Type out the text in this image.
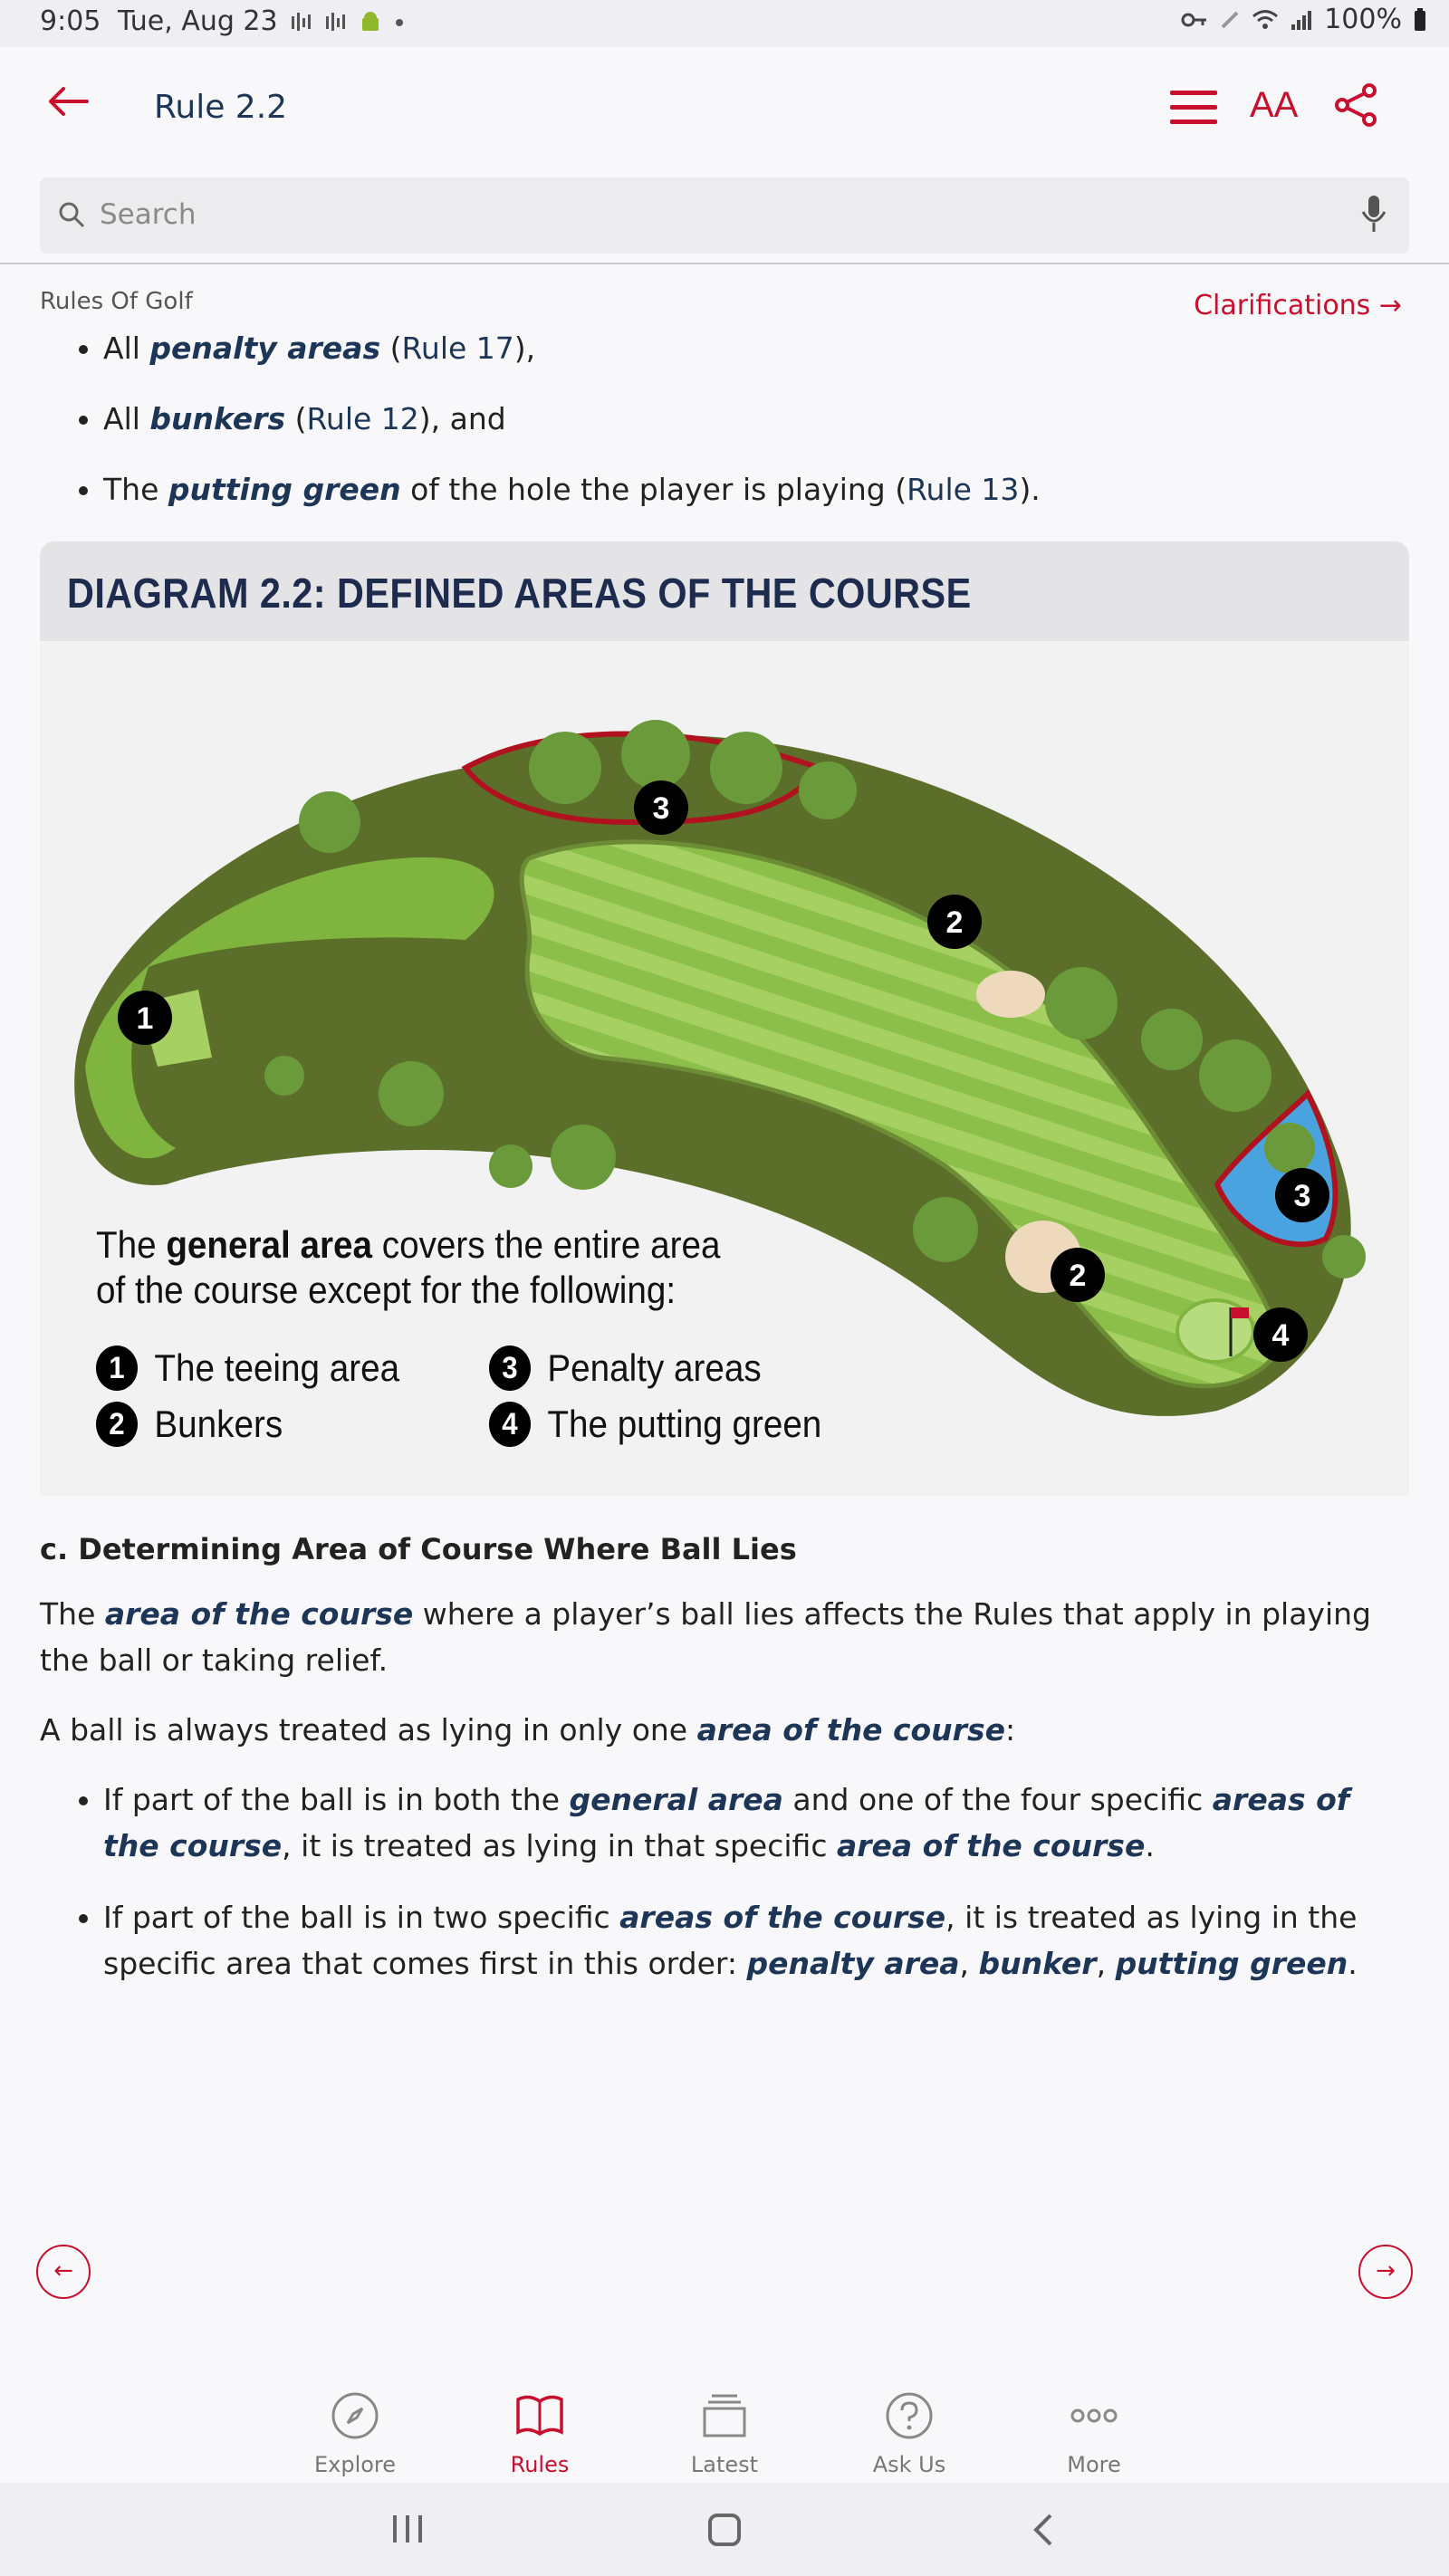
9:05 Tue, Aug 23	100%
Rule 2.2	AA
Search
Rules Of Golf	Clarifications →
• All penalty areas (Rule 17),
• All bunkers (Rule 12), and
• The putting green of the hole the player is playing (Rule 13).
DIAGRAM 2.2: DEFINED AREAS OF THE COURSE
1
2
2
3
3
4
The general area covers the entire area
of the course except for the following:
1 The teeing area
2 Bunkers
3 Penalty areas
4 The putting green
c. Determining Area of Course Where Ball Lies

The area of the course where a player’s ball lies affects the Rules that apply in playing the ball or taking relief.

A ball is always treated as lying in only one area of the course:

• If part of the ball is in both the general area and one of the four specific areas of the course, it is treated as lying in that specific area of the course.
• If part of the ball is in two specific areas of the course, it is treated as lying in the specific area that comes first in this order: penalty area, bunker, putting green.
←	→
Explore	Rules	Latest	Ask Us	More
